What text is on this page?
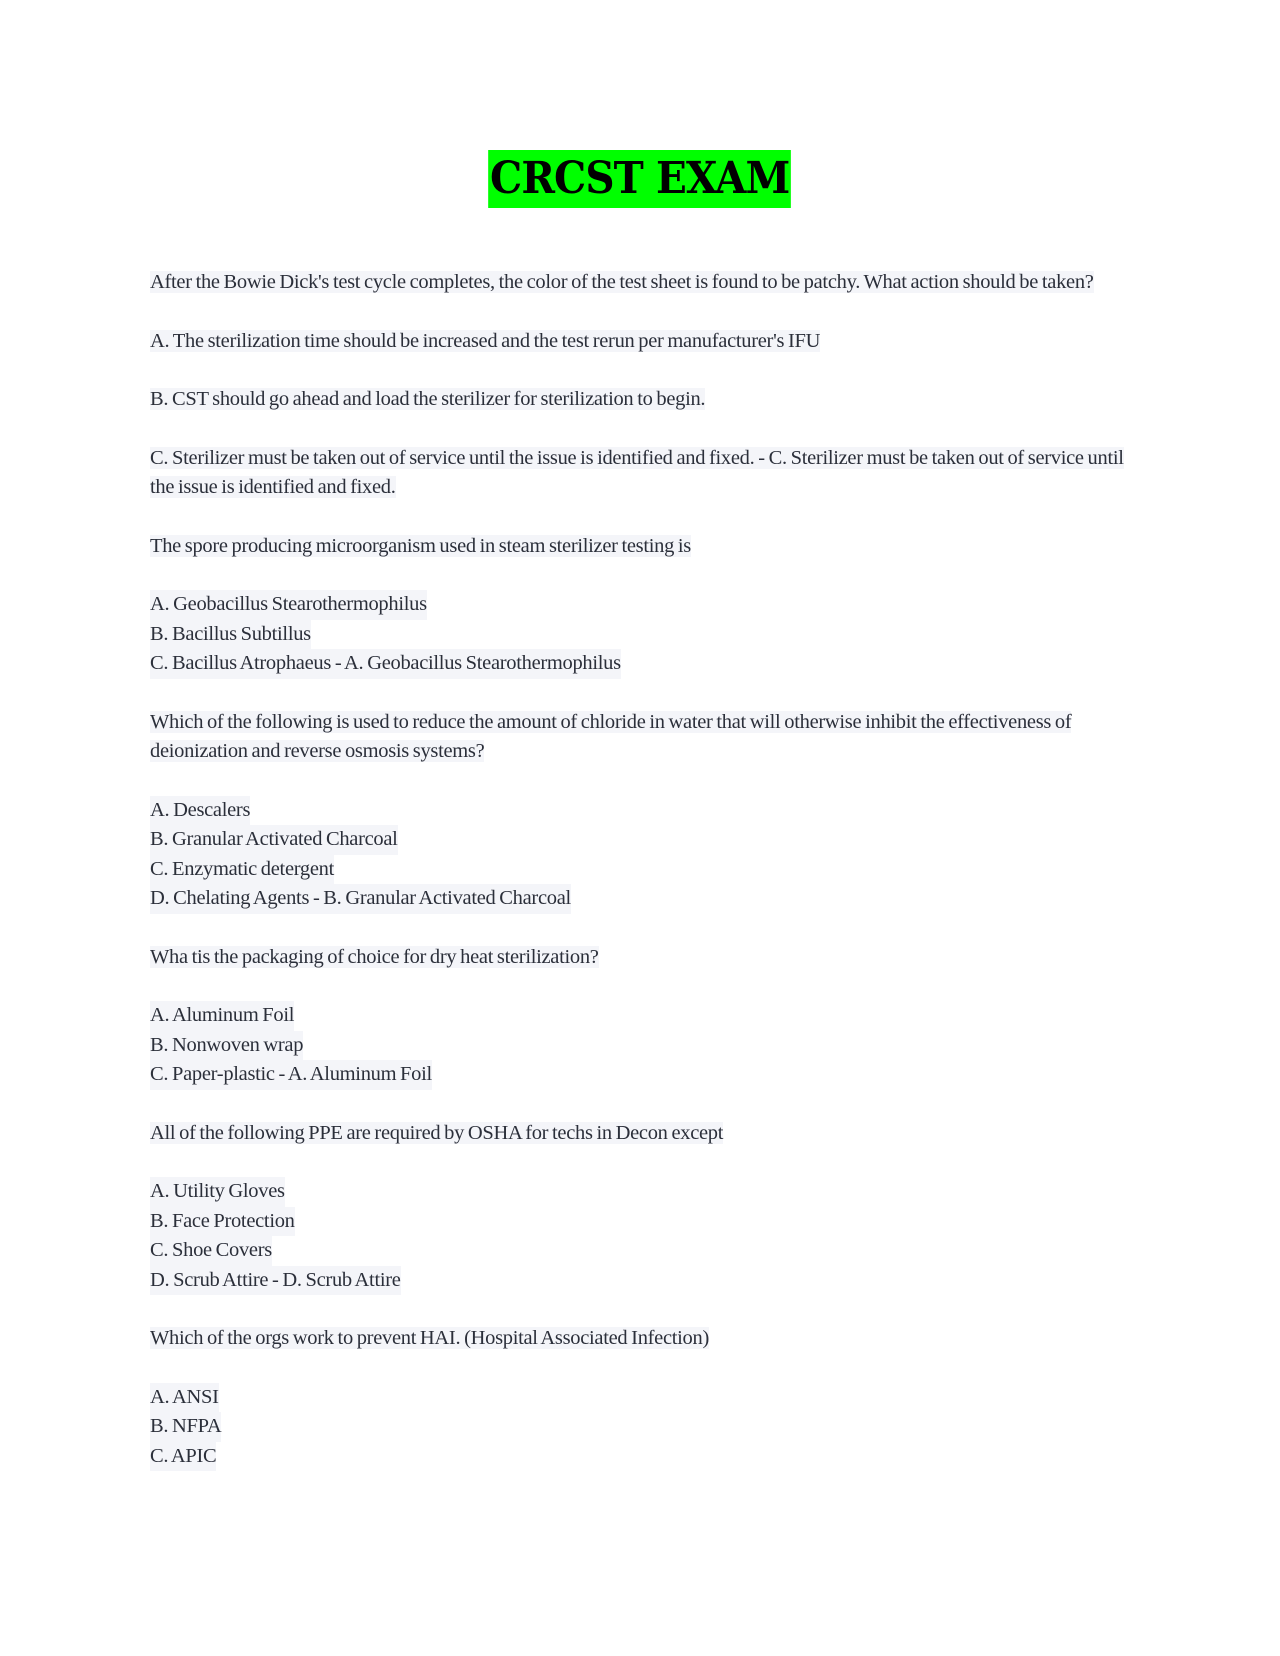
CRCST EXAM
After the Bowie Dick's test cycle completes, the color of the test sheet is found to be patchy. What action should be taken?
A. The sterilization time should be increased and the test rerun per manufacturer's IFU
B. CST should go ahead and load the sterilizer for sterilization to begin.
C. Sterilizer must be taken out of service until the issue is identified and fixed. - C. Sterilizer must be taken out of service until the issue is identified and fixed.
The spore producing microorganism used in steam sterilizer testing is
A. Geobacillus Stearothermophilus
B. Bacillus Subtillus
C. Bacillus Atrophaeus - A. Geobacillus Stearothermophilus
Which of the following is used to reduce the amount of chloride in water that will otherwise inhibit the effectiveness of deionization and reverse osmosis systems?
A. Descalers
B. Granular Activated Charcoal
C. Enzymatic detergent
D. Chelating Agents - B. Granular Activated Charcoal
Wha tis the packaging of choice for dry heat sterilization?
A. Aluminum Foil
B. Nonwoven wrap
C. Paper-plastic - A. Aluminum Foil
All of the following PPE are required by OSHA for techs in Decon except
A. Utility Gloves
B. Face Protection
C. Shoe Covers
D. Scrub Attire - D. Scrub Attire
Which of the orgs work to prevent HAI. (Hospital Associated Infection)
A. ANSI
B. NFPA
C. APIC
